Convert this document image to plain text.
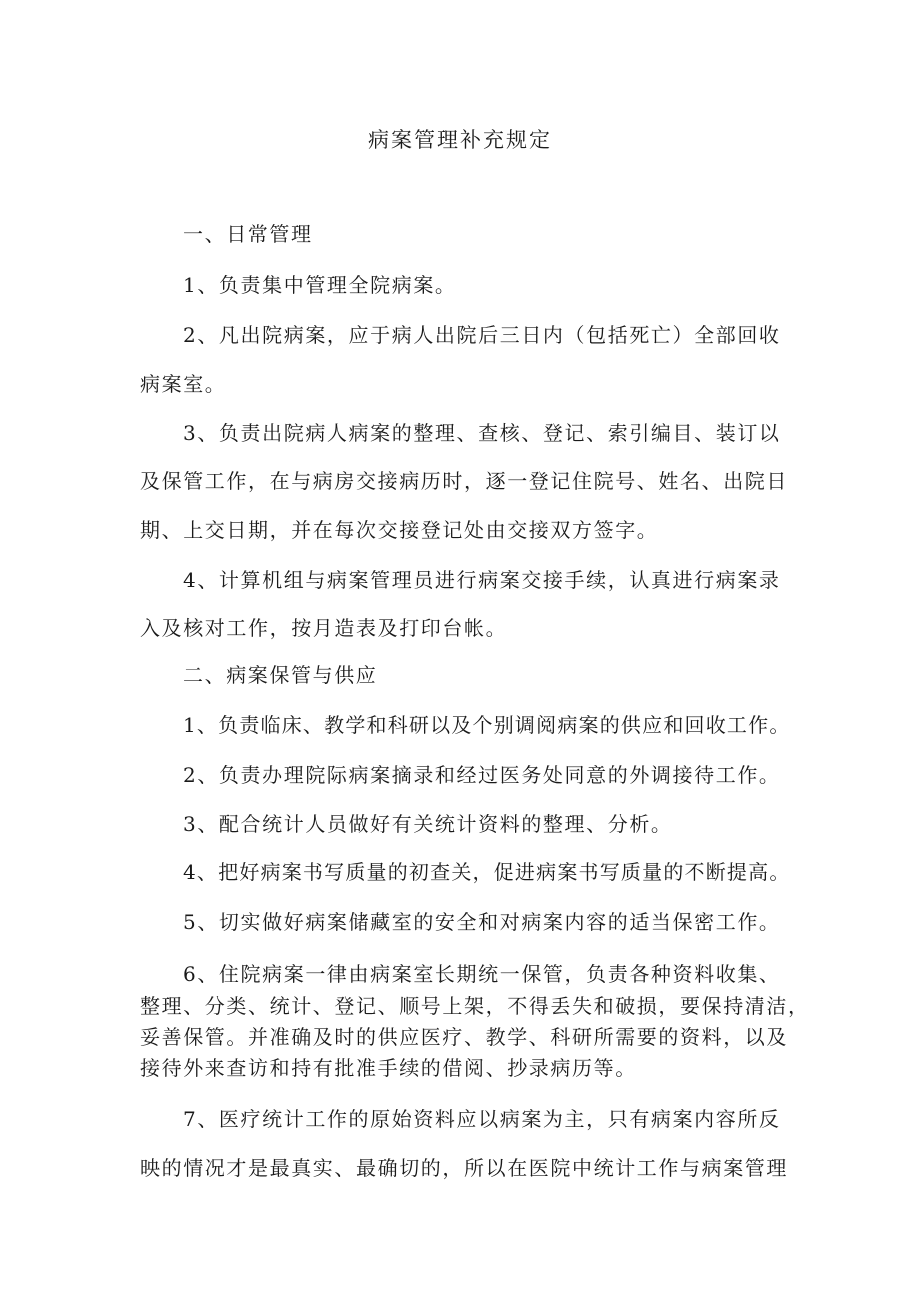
病案管理补充规定
一、日常管理
1、负责集中管理全院病案。
2、凡出院病案，应于病人出院后三日内（包括死亡）全部回收
病案室。
3、负责出院病人病案的整理、查核、登记、索引编目、装订以
及保管工作，在与病房交接病历时，逐一登记住院号、姓名、出院日
期、上交日期，并在每次交接登记处由交接双方签字。
4、计算机组与病案管理员进行病案交接手续，认真进行病案录
入及核对工作，按月造表及打印台帐。
二、病案保管与供应
1、负责临床、教学和科研以及个别调阅病案的供应和回收工作。
2、负责办理院际病案摘录和经过医务处同意的外调接待工作。
3、配合统计人员做好有关统计资料的整理、分析。
4、把好病案书写质量的初查关，促进病案书写质量的不断提高。
5、切实做好病案储藏室的安全和对病案内容的适当保密工作。
6、住院病案一律由病案室长期统一保管，负责各种资料收集、
整理、分类、统计、登记、顺号上架，不得丢失和破损，要保持清洁，
妥善保管。并准确及时的供应医疗、教学、科研所需要的资料，以及
接待外来查访和持有批准手续的借阅、抄录病历等。
7、医疗统计工作的原始资料应以病案为主，只有病案内容所反
映的情况才是最真实、最确切的，所以在医院中统计工作与病案管理
